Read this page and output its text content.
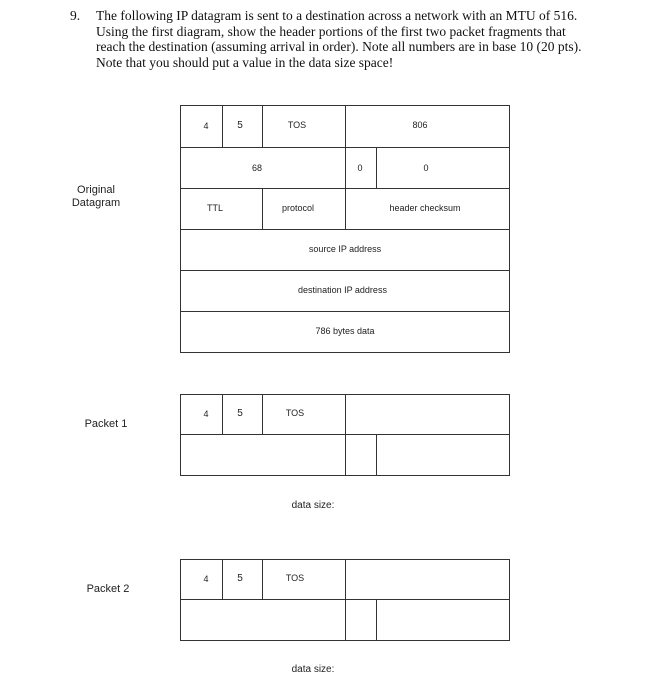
9. The following IP datagram is sent to a destination across a network with an MTU of 516. Using the first diagram, show the header portions of the first two packet fragments that reach the destination (assuming arrival in order). Note all numbers are in base 10 (20 pts). Note that you should put a value in the data size space!
Original
Datagram
4	5	TOS	806
68	0	0
TTL	protocol	header checksum
source IP address
destination IP address
786 bytes data
Packet 1
4	5	TOS
data size:
Packet 2
4	5	TOS
data size:
